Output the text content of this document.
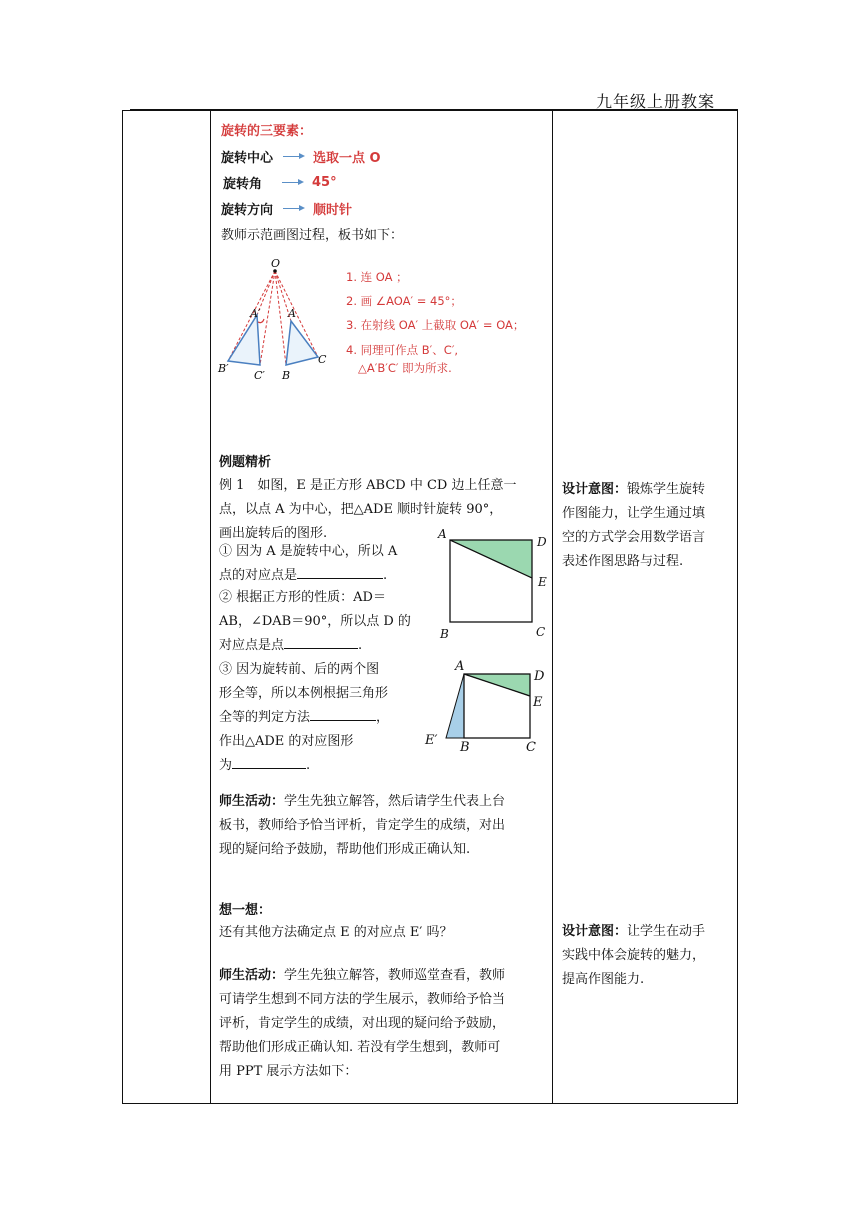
九年级上册教案
旋转的三要素：
旋转中心	选取一点 O
旋转角	45°
旋转方向	顺时针
教师示范画图过程，板书如下：
O
A′	A
B′
C′ B
C
1. 连 OA ；
2. 画 ∠AOA′ = 45°；
3. 在射线 OA′ 上截取 OA′ = OA；
4. 同理可作点 B′、C′,
△A′B′C′ 即为所求.
例题精析
例 1　如图，E 是正方形 ABCD 中 CD 边上任意一
点，以点 A 为中心，把△ADE 顺时针旋转 90°，
画出旋转后的图形.
① 因为 A 是旋转中心，所以 A
点的对应点是	.
② 根据正方形的性质：AD＝
AB，∠DAB＝90°，所以点 D 的
对应点是点	.
③ 因为旋转前、后的两个图
形全等，所以本例根据三角形
全等的判定方法	，
作出△ADE 的对应图形
为	.
A
D
E
B	C
A
D
E
E′ B	C
师生活动：学生先独立解答，然后请学生代表上台
板书，教师给予恰当评析，肯定学生的成绩，对出
现的疑问给予鼓励，帮助他们形成正确认知.
设计意图：锻炼学生旋转
作图能力，让学生通过填
空的方式学会用数学语言
表述作图思路与过程.
想一想：
还有其他方法确定点 E 的对应点 E′ 吗？
师生活动：学生先独立解答，教师巡堂查看，教师
可请学生想到不同方法的学生展示，教师给予恰当
评析，肯定学生的成绩，对出现的疑问给予鼓励，
帮助他们形成正确认知. 若没有学生想到，教师可
用 PPT 展示方法如下：
设计意图：让学生在动手
实践中体会旋转的魅力，
提高作图能力.
